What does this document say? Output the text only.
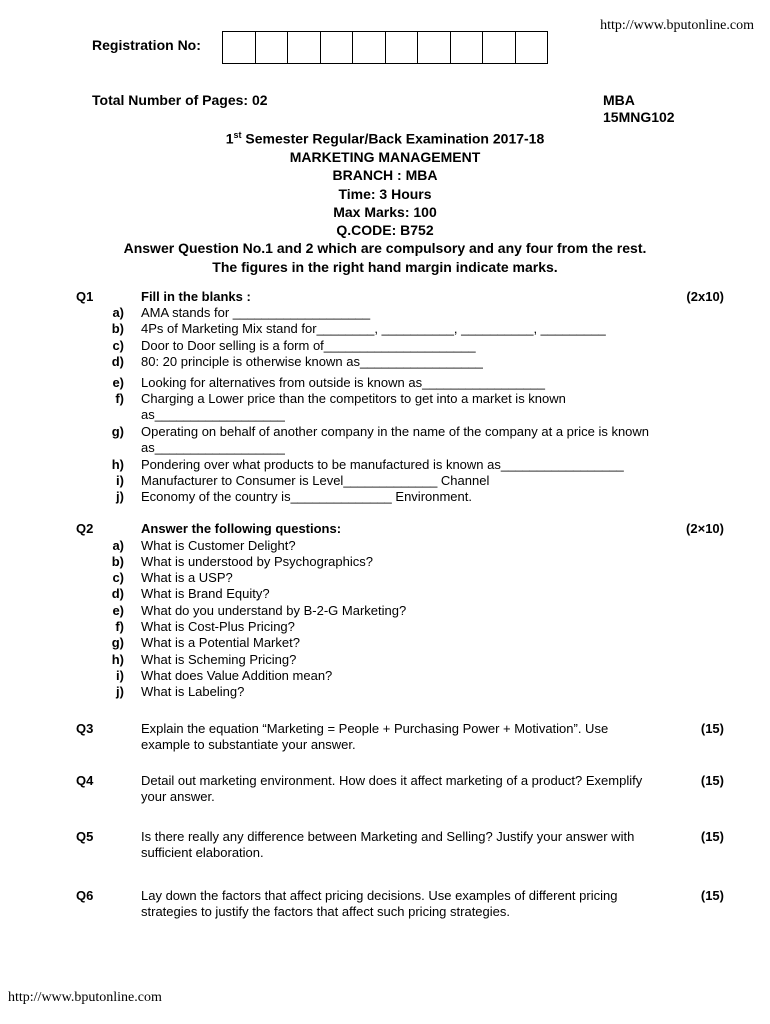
http://www.bputonline.com
Registration No:
Total Number of Pages: 02	MBA
15MNG102
1st Semester Regular/Back Examination 2017-18
MARKETING MANAGEMENT
BRANCH : MBA
Time: 3 Hours
Max Marks: 100
Q.CODE: B752
Answer Question No.1 and 2 which are compulsory and any four from the rest.
The figures in the right hand margin indicate marks.
Q1	Fill in the blanks :	(2x10)
a) AMA stands for ___________________
b) 4Ps of Marketing Mix stand for________, __________, __________, _________
c) Door to Door selling is a form of_____________________
d) 80: 20 principle is otherwise known as_________________
e) Looking for alternatives from outside is known as_________________
f) Charging a Lower price than the competitors to get into a market is known as__________________
g) Operating on behalf of another company in the name of the company at a price is known as__________________
h) Pondering over what products to be manufactured is known as_________________
i) Manufacturer to Consumer is Level_____________ Channel
j) Economy of the country is______________ Environment.
Q2	Answer the following questions:	(2×10)
a) What is Customer Delight?
b) What is understood by Psychographics?
c) What is a USP?
d) What is Brand Equity?
e) What do you understand by B-2-G Marketing?
f) What is Cost-Plus Pricing?
g) What is a Potential Market?
h) What is Scheming Pricing?
i) What does Value Addition mean?
j) What is Labeling?
Q3	Explain the equation “Marketing = People + Purchasing Power + Motivation”. Use example to substantiate your answer.
(15)
Q4	Detail out marketing environment. How does it affect marketing of a product? Exemplify your answer.
(15)
Q5	Is there really any difference between Marketing and Selling? Justify your answer with sufficient elaboration.
(15)
Q6	Lay down the factors that affect pricing decisions. Use examples of different pricing strategies to justify the factors that affect such pricing strategies.
(15)
http://www.bputonline.com
